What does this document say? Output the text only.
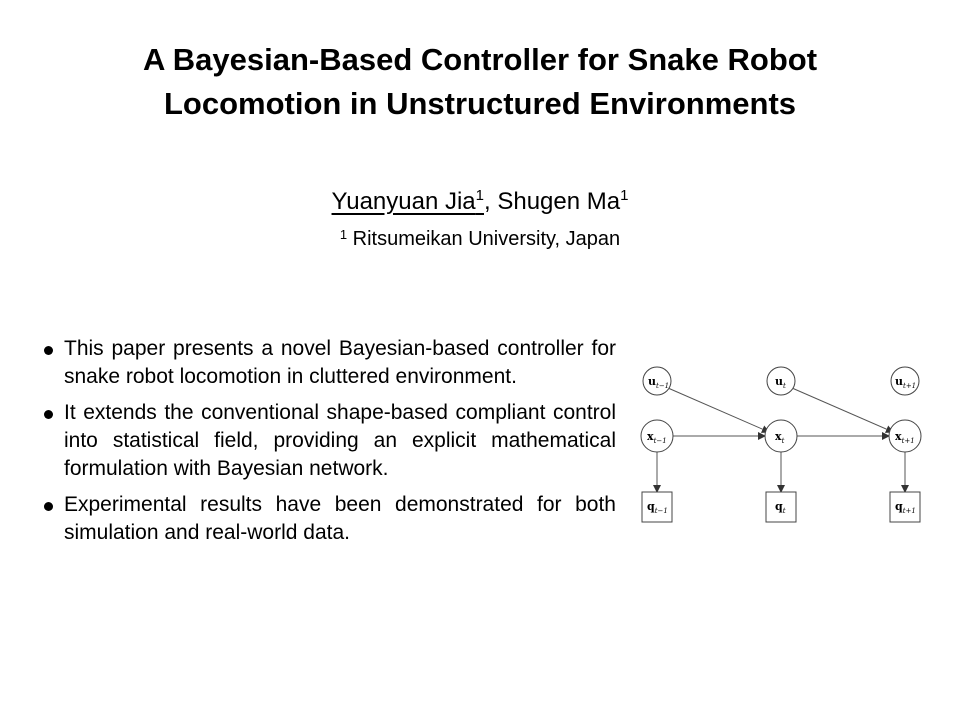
A Bayesian-Based Controller for Snake Robot
Locomotion in Unstructured Environments
Yuanyuan Jia$^1$, Shugen Ma$^1$
$^1$ Ritsumeikan University, Japan
This paper presents a novel Bayesian-based controller for snake robot locomotion in cluttered environment.
It extends the conventional shape-based compliant control into statistical field, providing an explicit mathematical formulation with Bayesian network.
Experimental results have been demonstrated for both simulation and real-world data.
$u_{t-1}$	$u_t$	$u_{t+1}$
$x_{t-1}$	$x_t$	$x_{t+1}$
$q_{t-1}$	$q_t$	$q_{t+1}$
